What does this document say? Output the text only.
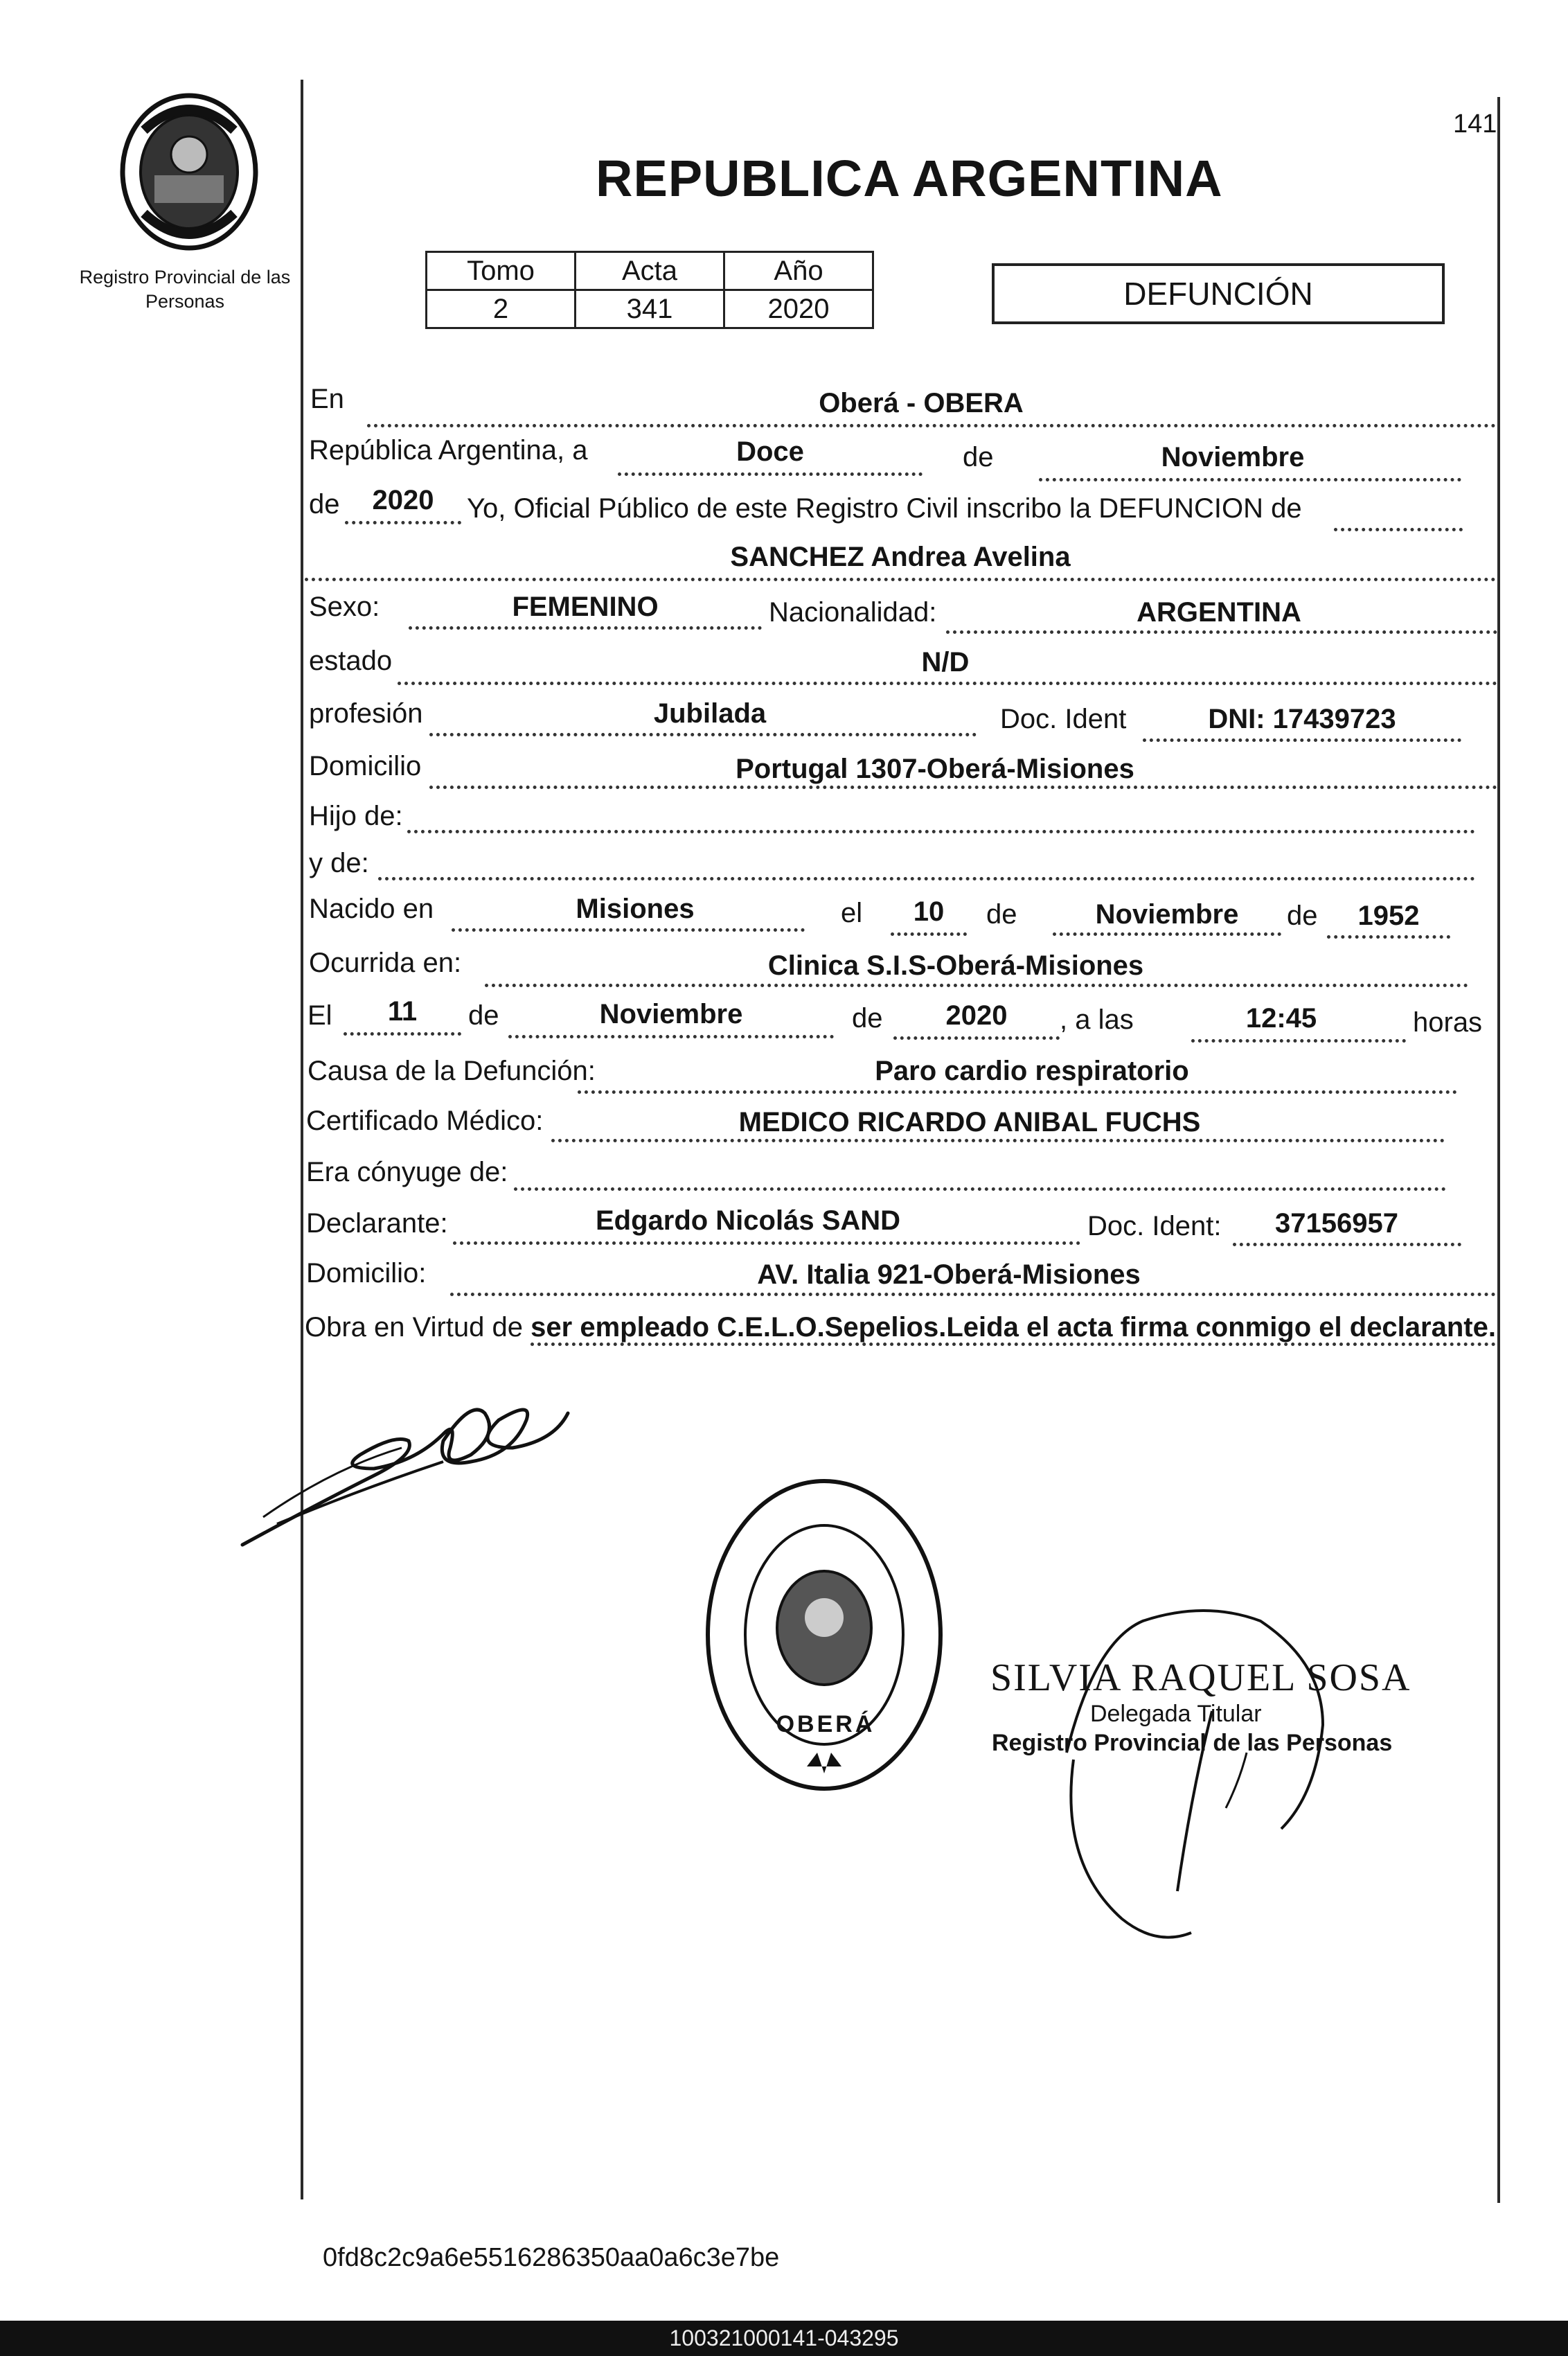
Registro Provincial de las Personas
141
REPUBLICA ARGENTINA
Tomo	Acta	Año
2	341	2020	DEFUNCIÓN
En	Oberá - OBERA
República Argentina, a	Doce	de	Noviembre
de	2020	Yo, Oficial Público de este Registro Civil inscribo la DEFUNCION de
SANCHEZ Andrea Avelina
Sexo:	FEMENINO	Nacionalidad:	ARGENTINA
estado	N/D
profesión	Jubilada	Doc. Ident	DNI: 17439723
Domicilio	Portugal 1307-Oberá-Misiones
Hijo de:
y de:
Nacido en	Misiones	el	10	de	Noviembre	de	1952
Ocurrida en:	Clinica S.I.S-Oberá-Misiones
El	11	de	Noviembre	de	2020	, a las	12:45	horas
Causa de la Defunción:	Paro cardio respiratorio
Certificado Médico:	MEDICO RICARDO ANIBAL FUCHS
Era cónyuge de:
Declarante:	Edgardo Nicolás SAND	Doc. Ident:	37156957
Domicilio:	AV. Italia 921-Oberá-Misiones
Obra en Virtud de ser empleado C.E.L.O.Sepelios.Leida el acta firma conmigo el declarante.
OBERÁ
SILVIA RAQUEL SOSA
Delegada Titular
Registro Provincial de las Personas
0fd8c2c9a6e5516286350aa0a6c3e7be
100321000141-043295
